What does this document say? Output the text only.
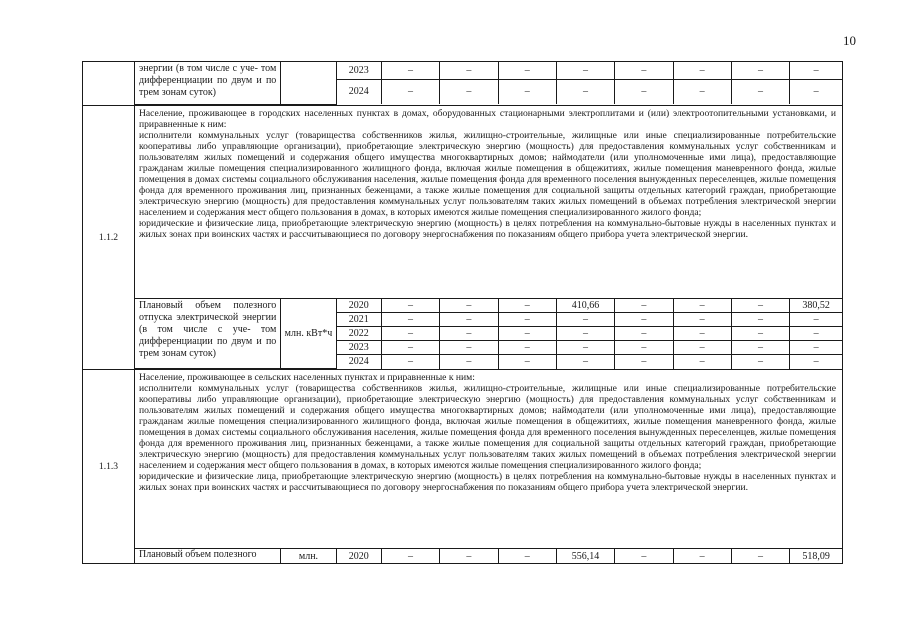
10

энергии (в том числе с уче- том дифференциации по двум и по трем зонам суток)		2023	–	–	–	–	–	–	–	–
2024	–	–	–	–	–	–	–	–

1.1.2	
Население, проживающее в городских населенных пунктах в домах, оборудованных стационарными электроплитами и (или) электроотопительными установками, и приравненные к ним:
исполнители коммунальных услуг (товарищества собственников жилья, жилищно-строительные, жилищные или иные специализированные потребительские кооперативы либо управляющие организации), приобретающие электрическую энергию (мощность) для предоставления коммунальных услуг собственникам и пользователям жилых помещений и содержания общего имущества многоквартирных домов; наймодатели (или уполномоченные ими лица), предоставляющие гражданам жилые помещения специализированного жилищного фонда, включая жилые помещения в общежитиях, жилые помещения маневренного фонда, жилые помещения в домах системы социального обслуживания населения, жилые помещения фонда для временного поселения вынужденных переселенцев, жилые помещения фонда для временного проживания лиц, признанных беженцами, а также жилые помещения для социальной защиты отдельных категорий граждан, приобретающие электрическую энергию (мощность) для предоставления коммунальных услуг пользователям таких жилых помещений в объемах потребления электрической энергии населением и содержания мест общего пользования в домах, в которых имеются жилые помещения специализированного жилого фонда;
юридические и физические лица, приобретающие электрическую энергию (мощность) в целях потребления на коммунально-бытовые нужды в населенных пунктах и жилых зонах при воинских частях и рассчитывающиеся по договору энергоснабжения по показаниям общего прибора учета электрической энергии.

Плановый объем полезного отпуска электрической энергии (в том числе с уче- том дифференциации по двум и по трем зонам суток)	млн. кВт*ч	2020	–	–	–	410,66	–	–	–	380,52
2021	–	–	–	–	–	–	–	–
2022	–	–	–	–	–	–	–	–
2023	–	–	–	–	–	–	–	–
2024	–	–	–	–	–	–	–	–

1.1.3	
Население, проживающее в сельских населенных пунктах и приравненные к ним:
исполнители коммунальных услуг (товарищества собственников жилья, жилищно-строительные, жилищные или иные специализированные потребительские кооперативы либо управляющие организации), приобретающие электрическую энергию (мощность) для предоставления коммунальных услуг собственникам и пользователям жилых помещений и содержания общего имущества многоквартирных домов; наймодатели (или уполномоченные ими лица), предоставляющие гражданам жилые помещения специализированного жилищного фонда, включая жилые помещения в общежитиях, жилые помещения маневренного фонда, жилые помещения в домах системы социального обслуживания населения, жилые помещения фонда для временного поселения вынужденных переселенцев, жилые помещения фонда для временного проживания лиц, признанных беженцами, а также жилые помещения для социальной защиты отдельных категорий граждан, приобретающие электрическую энергию (мощность) для предоставления коммунальных услуг пользователям таких жилых помещений в объемах потребления электрической энергии населением и содержания мест общего пользования в домах, в которых имеются жилые помещения специализированного жилого фонда;
юридические и физические лица, приобретающие электрическую энергию (мощность) в целях потребления на коммунально-бытовые нужды в населенных пунктах и жилых зонах при воинских частях и рассчитывающиеся по договору энергоснабжения по показаниям общего прибора учета электрической энергии.

Плановый объем полезного	млн.	2020	–	–	–	556,14	–	–	–	518,09
